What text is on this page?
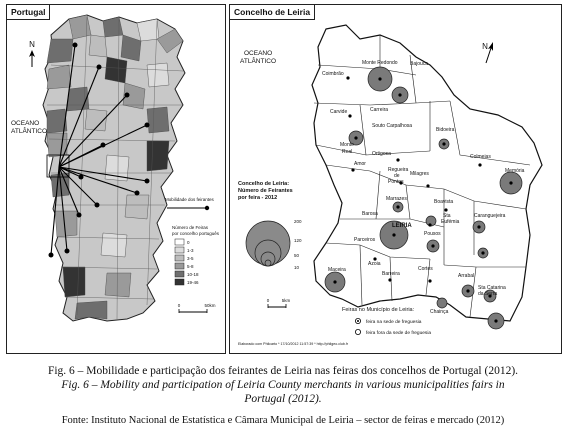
N
OCEANO
ATLÂNTICO
Mobilidade dos feirantes
Número de Feiras
por concelho português
0
1-3
3-5
5-8
10-18
19-46
0	50km
Portugal
N
OCEANO
ATLÂNTICO
Coimbrão
Monte Redondo Bajouca
Carvide	Carreira
Souto Carpalhosa
Bidoeira
Monte
Real	Ortigosa	Colmeias
Memória
Amor
Regueira
de
Pontes
Milagres
Marrazes	Boavista
Barosa
LEIRIA
Sta
Eufémia
Caranguejeira
Pousos
Parceiros
Azoia
Maceira
Barreira
Cortes
Arrabal
Sta Catarina
da Serra
Chainça
Concelho de Leiria:
Número de Feirantes
por feira - 2012
200
120
50
10
0	5km
Feiras no Município de Leiria:
feira na sede de freguesia
feira fora da sede de freguesia
Elaborado com Philcarto * 17/10/2012 11:57:39 * http://philgeo.club.fr
Concelho de Leiria
Fig. 6 – Mobilidade e participação dos feirantes de Leiria nas feiras dos concelhos de Portugal (2012).
Fig. 6 – Mobility and participation of Leiria County merchants in various municipalities fairs in
Portugal (2012).
Fonte: Instituto Nacional de Estatística e Câmara Municipal de Leiria – sector de feiras e mercado (2012)
